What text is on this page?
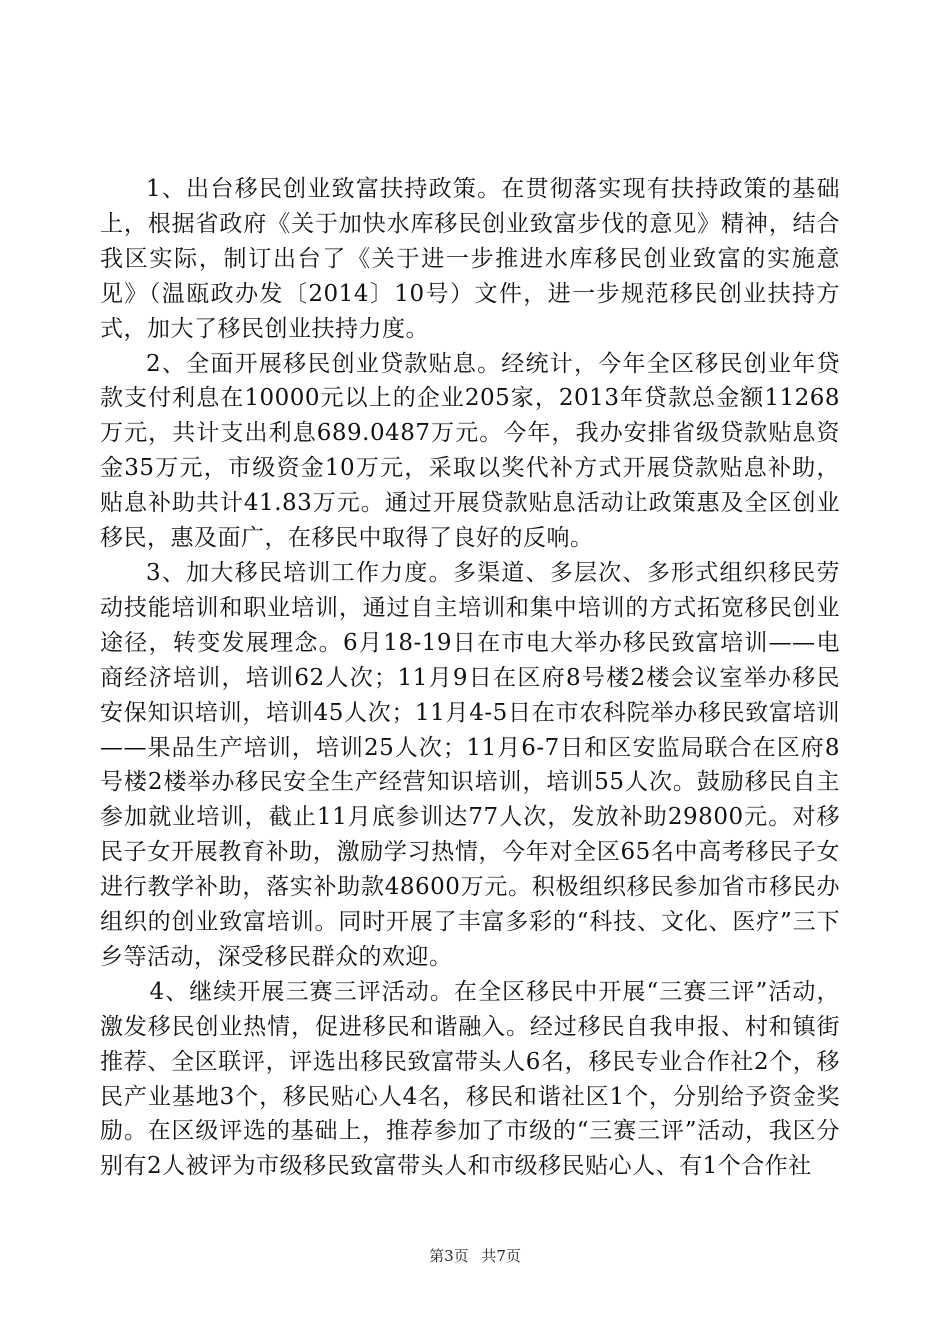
1、出台移民创业致富扶持政策。在贯彻落实现有扶持政策的基础上，根据省政府《关于加快水库移民创业致富步伐的意见》精神，结合我区实际，制订出台了《关于进一步推进水库移民创业致富的实施意见》（温瓯政办发〔2014〕10号）文件，进一步规范移民创业扶持方式，加大了移民创业扶持力度。

2、全面开展移民创业贷款贴息。经统计，今年全区移民创业年贷款支付利息在10000元以上的企业205家，2013年贷款总金额11268万元，共计支出利息689.0487万元。今年，我办安排省级贷款贴息资金35万元，市级资金10万元，采取以奖代补方式开展贷款贴息补助，贴息补助共计41.83万元。通过开展贷款贴息活动让政策惠及全区创业移民，惠及面广，在移民中取得了良好的反响。

3、加大移民培训工作力度。多渠道、多层次、多形式组织移民劳动技能培训和职业培训，通过自主培训和集中培训的方式拓宽移民创业途径，转变发展理念。6月18-19日在市电大举办移民致富培训——电商经济培训，培训62人次；11月9日在区府8号楼2楼会议室举办移民安保知识培训，培训45人次；11月4-5日在市农科院举办移民致富培训——果品生产培训，培训25人次；11月6-7日和区安监局联合在区府8号楼2楼举办移民安全生产经营知识培训，培训55人次。鼓励移民自主参加就业培训，截止11月底参训达77人次，发放补助29800元。对移民子女开展教育补助，激励学习热情，今年对全区65名中高考移民子女进行教学补助，落实补助款48600万元。积极组织移民参加省市移民办组织的创业致富培训。同时开展了丰富多彩的“科技、文化、医疗”三下乡等活动，深受移民群众的欢迎。

4、继续开展三赛三评活动。在全区移民中开展“三赛三评”活动，激发移民创业热情，促进移民和谐融入。经过移民自我申报、村和镇街推荐、全区联评，评选出移民致富带头人6名，移民专业合作社2个，移民产业基地3个，移民贴心人4名，移民和谐社区1个，分别给予资金奖励。在区级评选的基础上，推荐参加了市级的“三赛三评”活动，我区分别有2人被评为市级移民致富带头人和市级移民贴心人、有1个合作社

第3页 共7页
